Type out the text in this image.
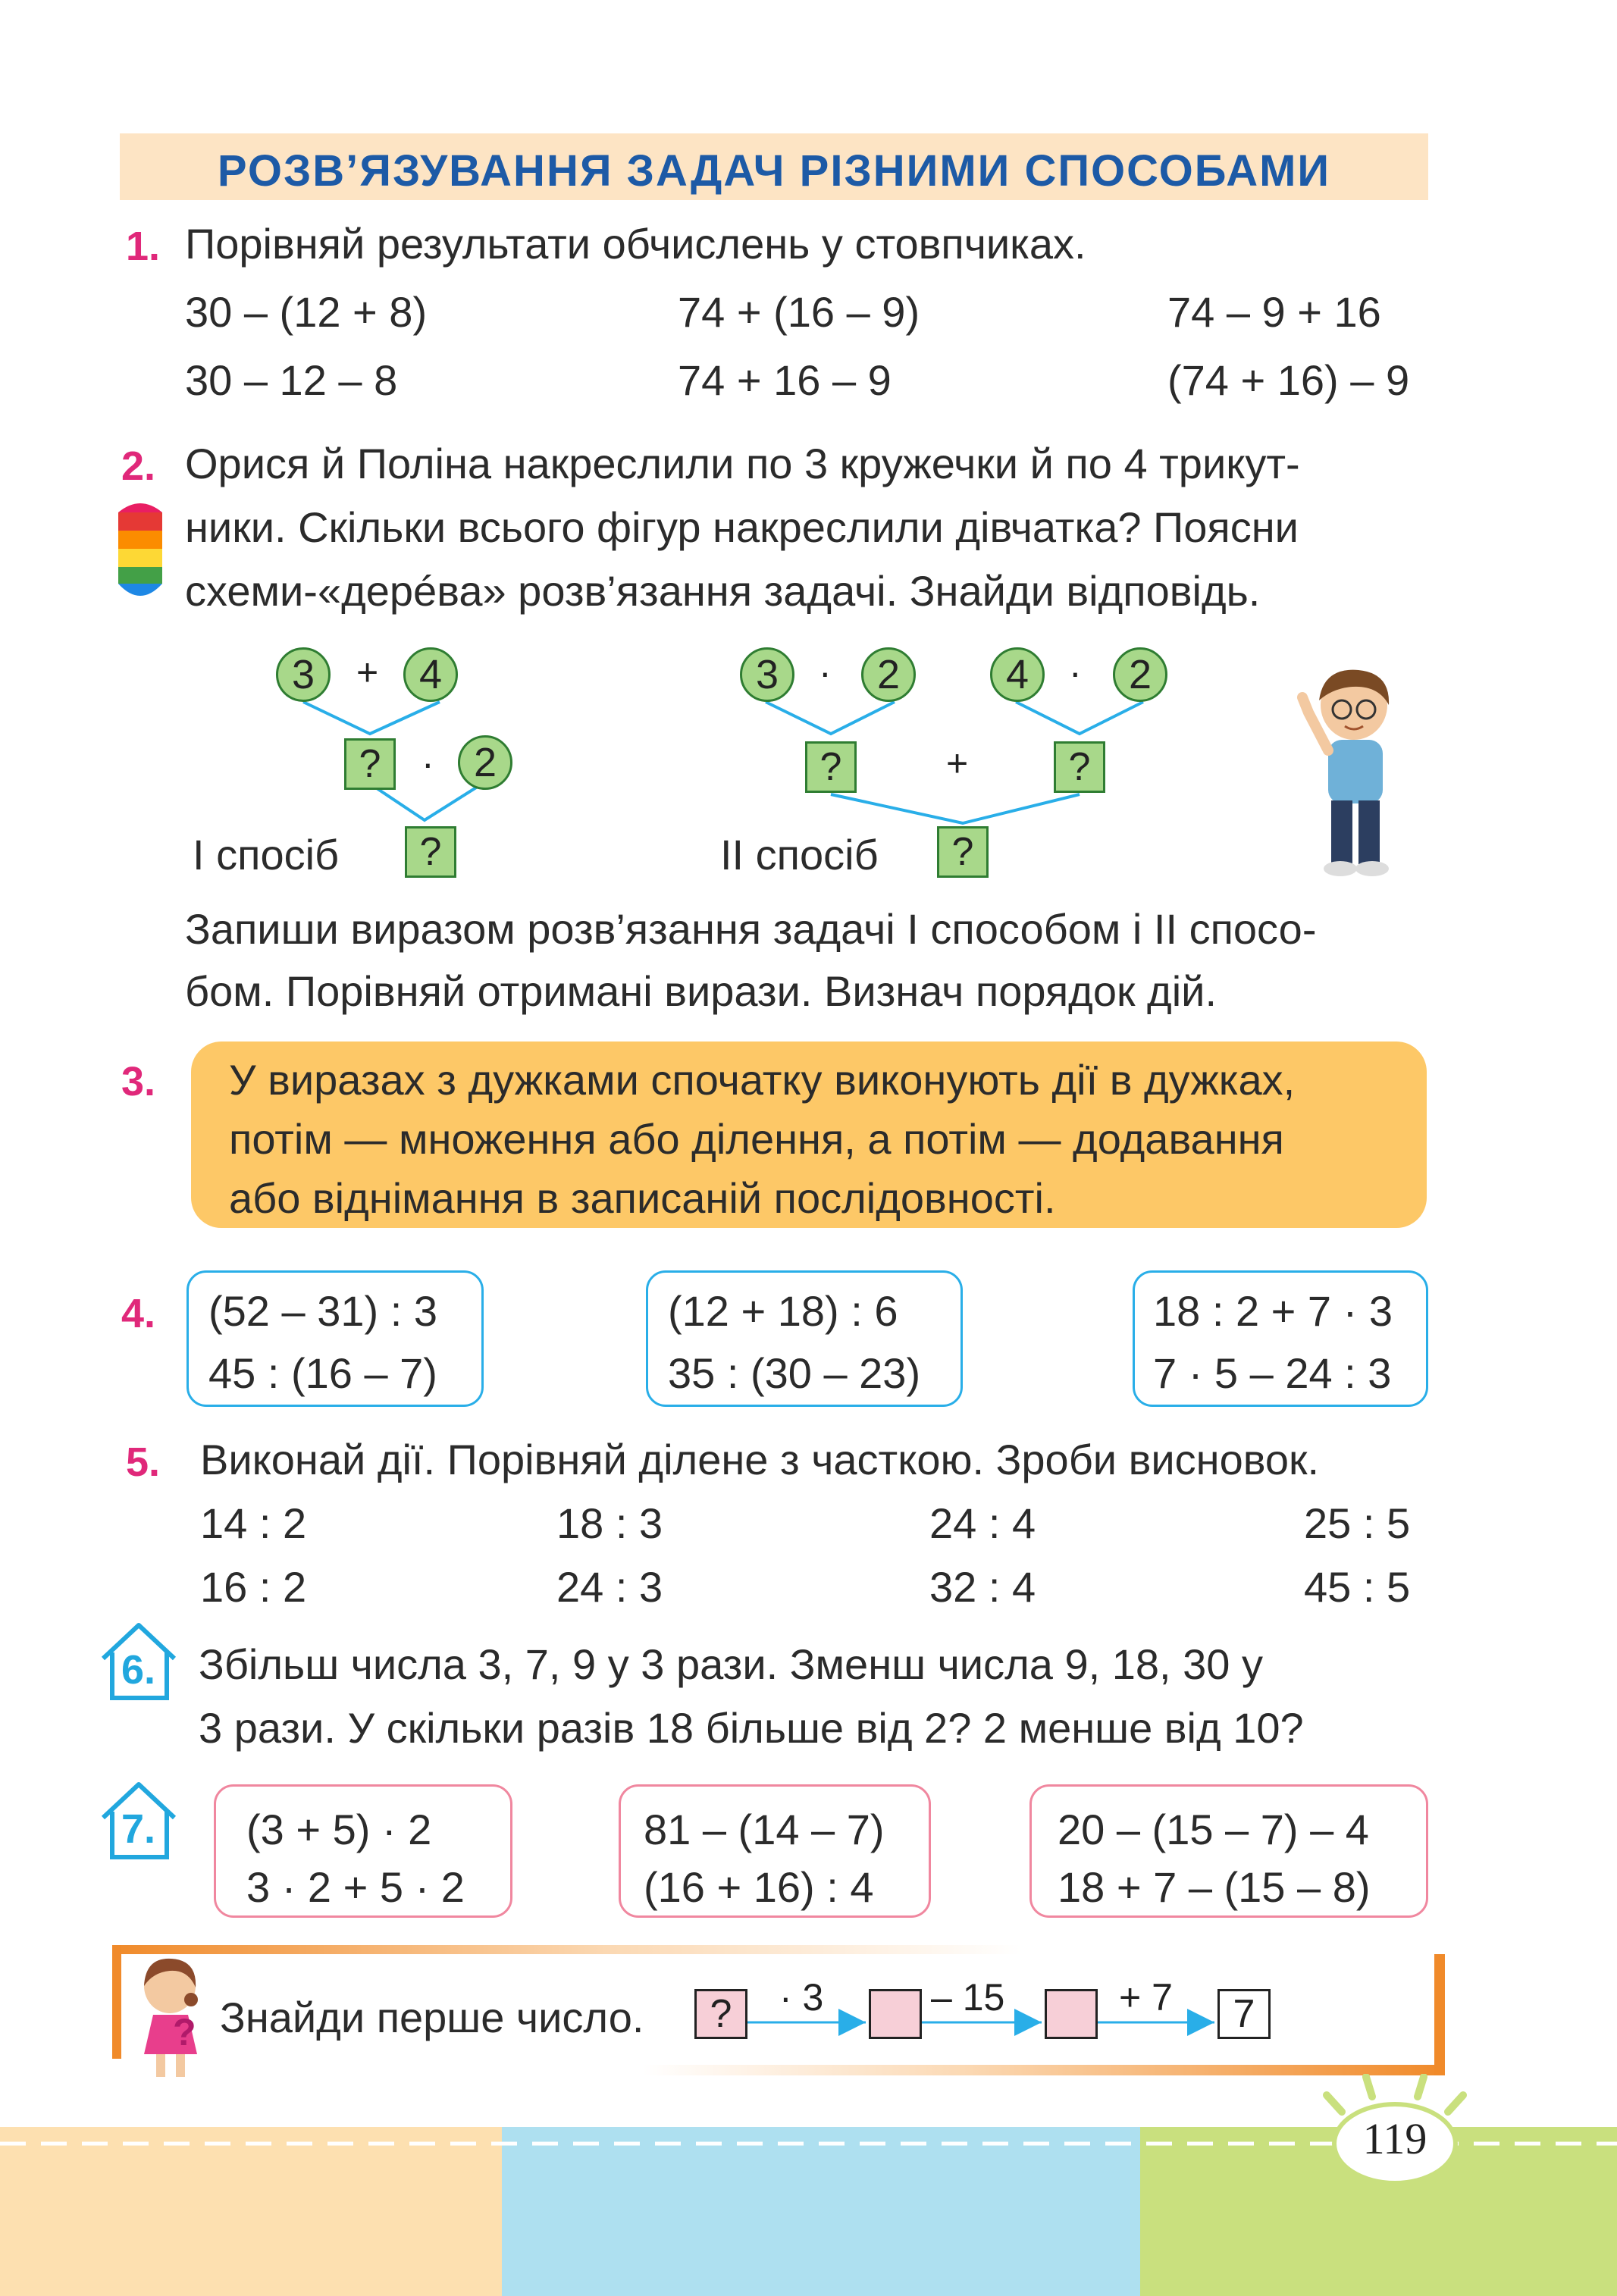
РОЗВ’ЯЗУВАННЯ ЗАДАЧ РІЗНИМИ СПОСОБАМИ
1. Порівняй результати обчислень у стовпчиках.
30 – (12 + 8)	74 + (16 – 9)	74 – 9 + 16
30 – 12 – 8	74 + 16 – 9	(74 + 16) – 9
2. Орися й Поліна накреслили по 3 кружечки й по 4 трикут-
ники. Скільки всього фігур накреслили дівчатка? Поясни
схеми-«дерéва» розв’язання задачі. Знайди відповідь.
3	+ 4
?	· 2
І спосіб	?
3	·	2	4	·	2
?	+	?
ІІ спосіб	?
Запиши виразом розв’язання задачі І способом і ІІ спосо-
бом. Порівняй отримані вирази. Визнач порядок дій.
3. У виразах з дужками спочатку виконують дії в дужках,
потім — множення або ділення, а потім — додавання
або віднімання в записаній послідовності.
4. (52 – 31) : 3
45 : (16 – 7)
(12 + 18) : 6
35 : (30 – 23)
18 : 2 + 7 · 3
7 · 5 – 24 : 3
5. Виконай дії. Порівняй ділене з часткою. Зроби висновок.
14 : 2	18 : 3	24 : 4	25 : 5
16 : 2	24 : 3	32 : 4	45 : 5
6. Збільш числа 3, 7, 9 у 3 рази. Зменш числа 9, 18, 30 у
3 рази. У скільки разів 18 більше від 2? 2 менше від 10?
7. (3 + 5) · 2
3 · 2 + 5 · 2
81 – (14 – 7)
(16 + 16) : 4
20 – (15 – 7) – 4
18 + 7 – (15 – 8)
? Знайди перше число.	?	· 3	– 15	+ 7	7
119
